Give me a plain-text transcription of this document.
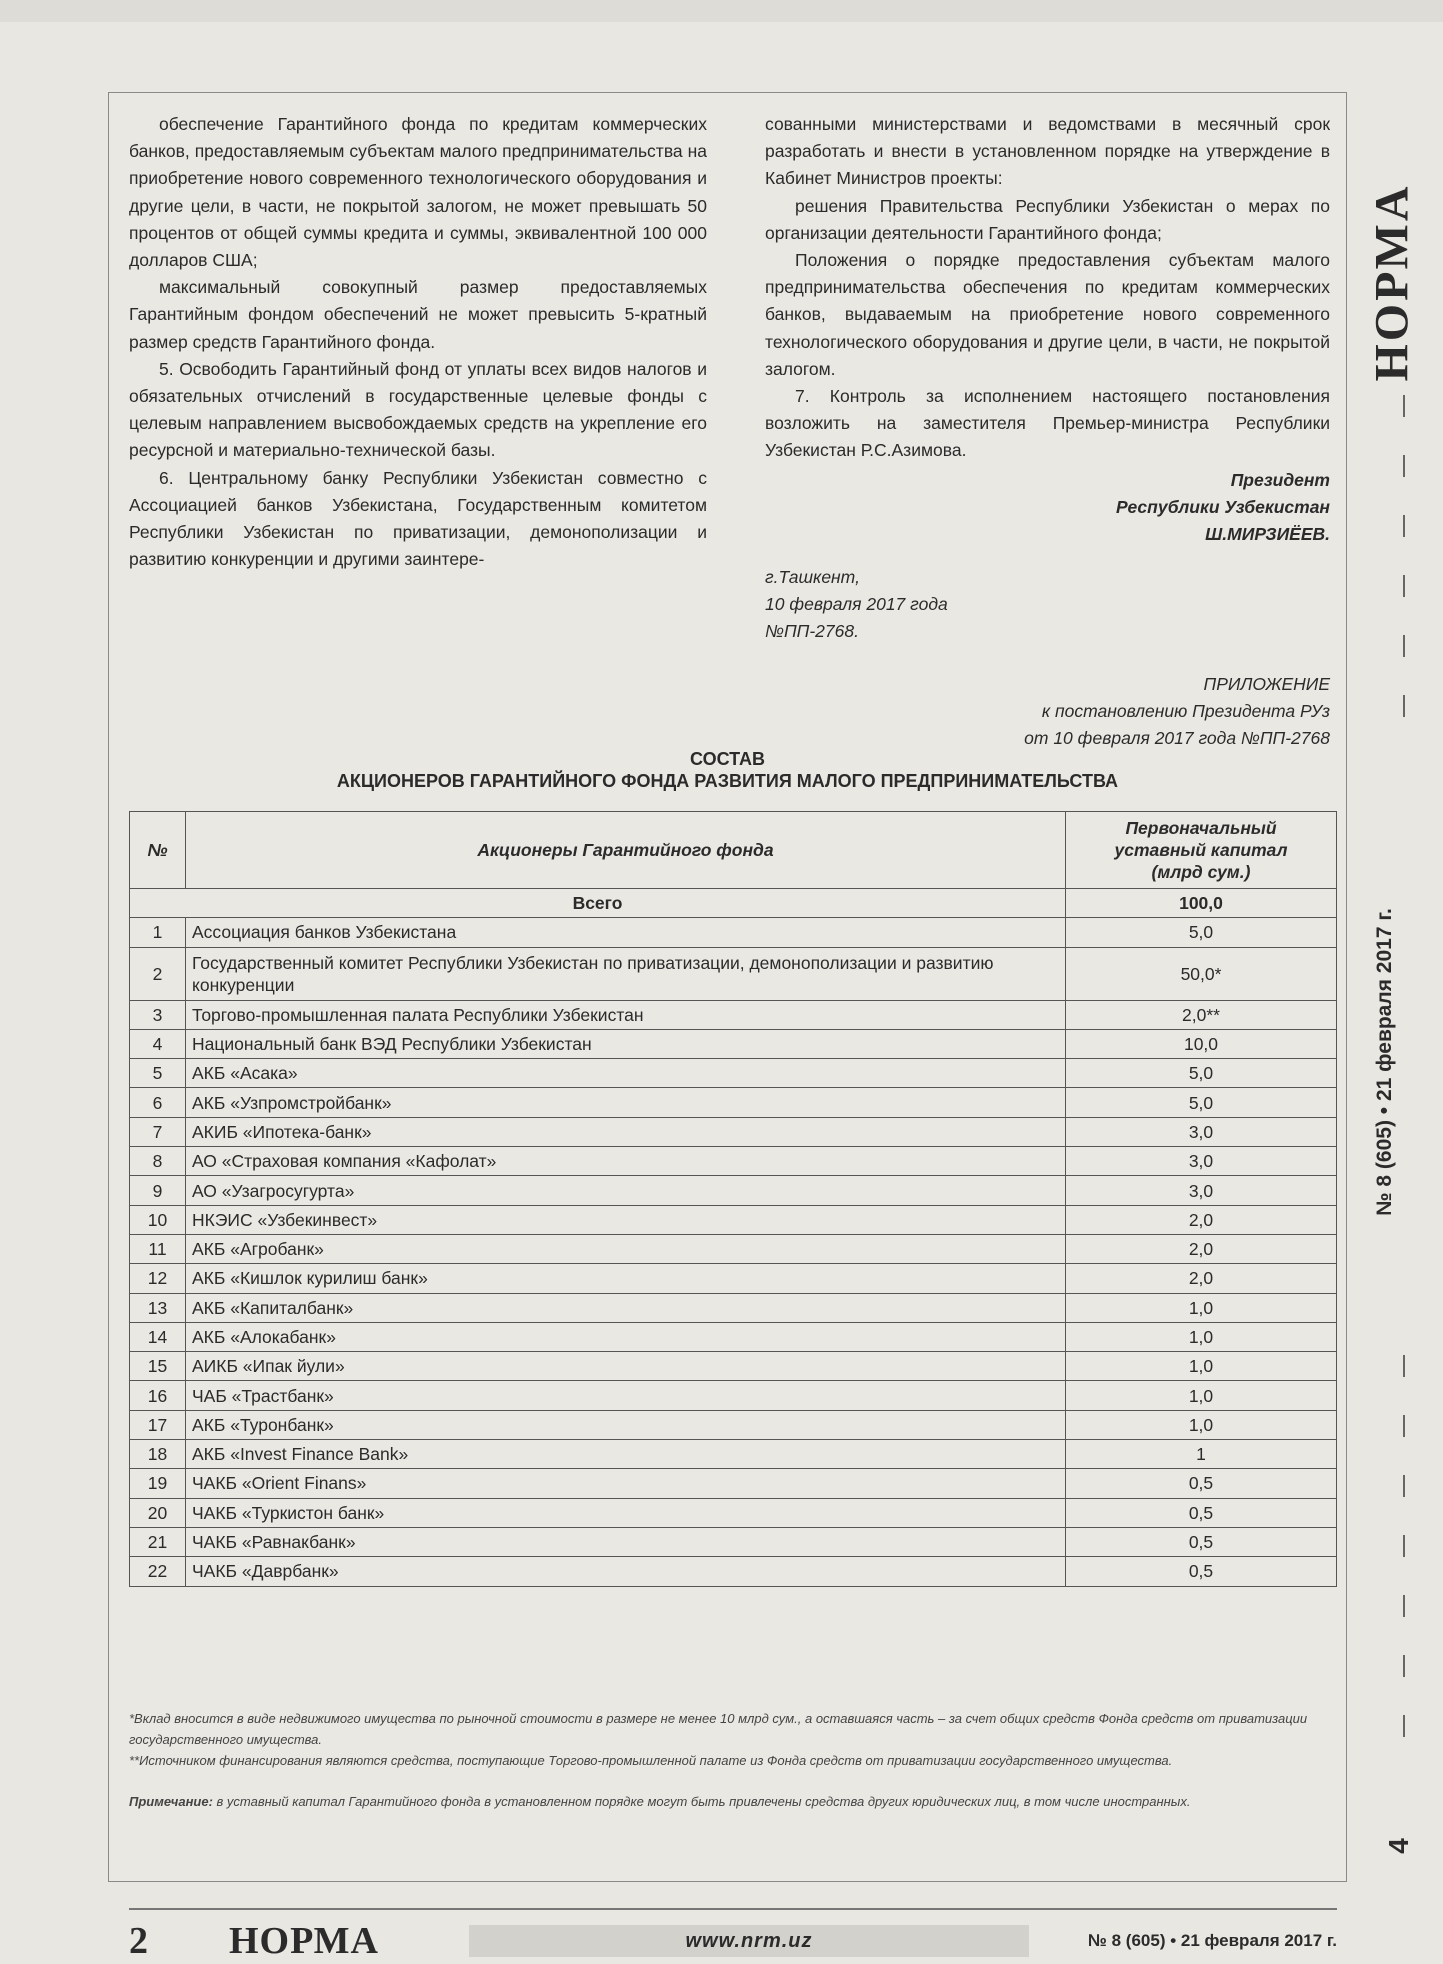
обеспечение Гарантийного фонда по кредитам коммерческих банков, предоставляемым субъектам малого предпринимательства на приобретение нового современного технологического оборудования и другие цели, в части, не покрытой залогом, не может превышать 50 процентов от общей суммы кредита и суммы, эквивалентной 100 000 долларов США;

максимальный совокупный размер предоставляемых Гарантийным фондом обеспечений не может превысить 5-кратный размер средств Гарантийного фонда.

5. Освободить Гарантийный фонд от уплаты всех видов налогов и обязательных отчислений в государственные целевые фонды с целевым направлением высвобождаемых средств на укрепление его ресурсной и материально-технической базы.

6. Центральному банку Республики Узбекистан совместно с Ассоциацией банков Узбекистана, Государственным комитетом Республики Узбекистан по приватизации, демонополизации и развитию конкуренции и другими заинтере-

сованными министерствами и ведомствами в месячный срок разработать и внести в установленном порядке на утверждение в Кабинет Министров проекты:

решения Правительства Республики Узбекистан о мерах по организации деятельности Гарантийного фонда;

Положения о порядке предоставления субъектам малого предпринимательства обеспечения по кредитам коммерческих банков, выдаваемым на приобретение нового современного технологического оборудования и другие цели, в части, не покрытой залогом.

7. Контроль за исполнением настоящего постановления возложить на заместителя Премьер-министра Республики Узбекистан Р.С.Азимова.

Президент
Республики Узбекистан
Ш.МИРЗИЁЕВ.
г.Ташкент,
10 февраля 2017 года
№ПП-2768.
ПРИЛОЖЕНИЕ
к постановлению Президента РУз
от 10 февраля 2017 года №ПП-2768
СОСТАВ
АКЦИОНЕРОВ ГАРАНТИЙНОГО ФОНДА РАЗВИТИЯ МАЛОГО ПРЕДПРИНИМАТЕЛЬСТВА
№	Акционеры Гарантийного фонда	Первоначальный
уставный капитал
(млрд сум.)

Всего		100,0
1	Ассоциация банков Узбекистана	5,0
2	Государственный комитет Республики Узбекистан по приватизации, демонополизации и развитию конкуренции	50,0*
3	Торгово-промышленная палата Республики Узбекистан	2,0**
4	Национальный банк ВЭД Республики Узбекистан	10,0
5	АКБ «Асака»	5,0
6	АКБ «Узпромстройбанк»	5,0
7	АКИБ «Ипотека-банк»	3,0
8	АО «Страховая компания «Кафолат»	3,0
9	АО «Узагросугурта»	3,0
10	НКЭИС «Узбекинвест»	2,0
11	АКБ «Агробанк»	2,0
12	АКБ «Кишлок курилиш банк»	2,0
13	АКБ «Капиталбанк»	1,0
14	АКБ «Алокабанк»	1,0
15	АИКБ «Ипак йули»	1,0
16	ЧАБ «Трастбанк»	1,0
17	АКБ «Туронбанк»	1,0
18	АКБ «Invest Finance Bank»	1
19	ЧАКБ «Orient Finans»	0,5
20	ЧАКБ «Туркистон банк»	0,5
21	ЧАКБ «Равнакбанк»	0,5
22	ЧАКБ «Даврбанк»	0,5

*Вклад вносится в виде недвижимого имущества по рыночной стоимости в размере не менее 10 млрд сум., а оставшаяся часть – за счет общих средств Фонда средств от приватизации государственного имущества.

**Источником финансирования являются средства, поступающие Торгово-промышленной палате из Фонда средств от приватизации государственного имущества.

Примечание: в уставный капитал Гарантийного фонда в установленном порядке могут быть привлечены средства других юридических лиц, в том числе иностранных.

2 НОРМА	www.nrm.uz	№ 8 (605) • 21 февраля 2017 г.
НОРМА
№ 8 (605) • 21 февраля 2017 г.
4
